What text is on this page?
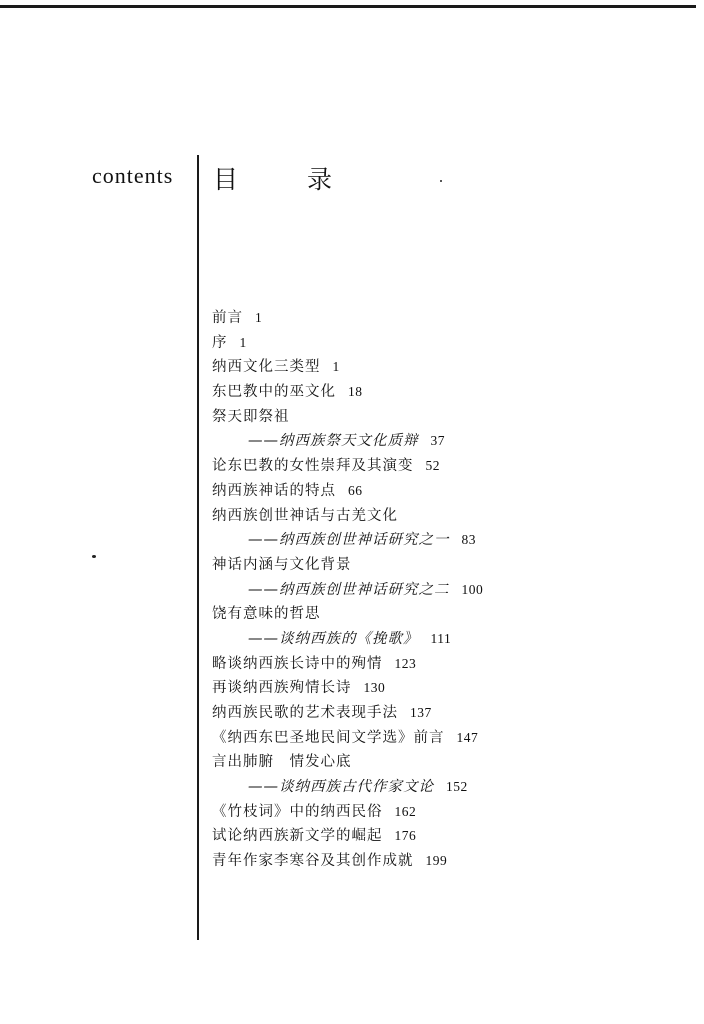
contents 目　录
前言 1
序 1
纳西文化三类型 1
东巴教中的巫文化 18
祭天即祭祖
——纳西族祭天文化质辩 37
论东巴教的女性崇拜及其演变 52
纳西族神话的特点 66
纳西族创世神话与古羌文化
——纳西族创世神话研究之一 83
神话内涵与文化背景
——纳西族创世神话研究之二 100
饶有意味的哲思
——谈纳西族的《挽歌》 111
略谈纳西族长诗中的殉情 123
再谈纳西族殉情长诗 130
纳西族民歌的艺术表现手法 137
《纳西东巴圣地民间文学选》前言 147
言出肺腑　情发心底
——谈纳西族古代作家文论 152
《竹枝词》中的纳西民俗 162
试论纳西族新文学的崛起 176
青年作家李寒谷及其创作成就 199
